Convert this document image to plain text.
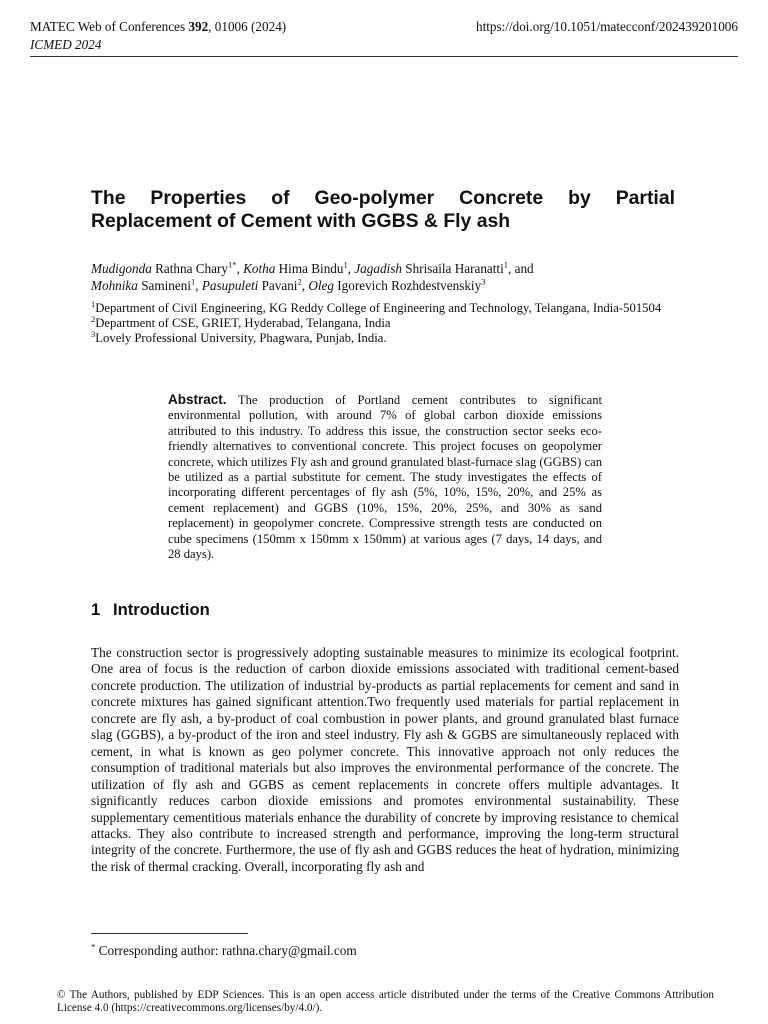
MATEC Web of Conferences 392, 01006 (2024)
ICMED 2024
https://doi.org/10.1051/matecconf/202439201006
The Properties of Geo-polymer Concrete by Partial Replacement of Cement with GGBS & Fly ash
Mudigonda Rathna Chary$^{1*}$, Kotha Hima Bindu$^1$, Jagadish Shrisaila Haranatti$^1$, and
Mohnika Samineni$^1$, Pasupuleti Pavani$^2$, Oleg Igorevich Rozhdestvenskiy$^3$
$^1$Department of Civil Engineering, KG Reddy College of Engineering and Technology, Telangana, India-501504
$^2$Department of CSE, GRIET, Hyderabad, Telangana, India
$^3$Lovely Professional University, Phagwara, Punjab, India.
Abstract. The production of Portland cement contributes to significant environmental pollution, with around 7% of global carbon dioxide emissions attributed to this industry. To address this issue, the construction sector seeks eco-friendly alternatives to conventional concrete. This project focuses on geopolymer concrete, which utilizes Fly ash and ground granulated blast-furnace slag (GGBS) can be utilized as a partial substitute for cement. The study investigates the effects of incorporating different percentages of fly ash (5%, 10%, 15%, 20%, and 25% as cement replacement) and GGBS (10%, 15%, 20%, 25%, and 30% as sand replacement) in geopolymer concrete. Compressive strength tests are conducted on cube specimens (150mm x 150mm x 150mm) at various ages (7 days, 14 days, and 28 days).
1 Introduction
The construction sector is progressively adopting sustainable measures to minimize its ecological footprint. One area of focus is the reduction of carbon dioxide emissions associated with traditional cement-based concrete production. The utilization of industrial by-products as partial replacements for cement and sand in concrete mixtures has gained significant attention.Two frequently used materials for partial replacement in concrete are fly ash, a by-product of coal combustion in power plants, and ground granulated blast furnace slag (GGBS), a by-product of the iron and steel industry. Fly ash & GGBS are simultaneously replaced with cement, in what is known as geo polymer concrete. This innovative approach not only reduces the consumption of traditional materials but also improves the environmental performance of the concrete. The utilization of fly ash and GGBS as cement replacements in concrete offers multiple advantages. It significantly reduces carbon dioxide emissions and promotes environmental sustainability. These supplementary cementitious materials enhance the durability of concrete by improving resistance to chemical attacks. They also contribute to increased strength and performance, improving the long-term structural integrity of the concrete. Furthermore, the use of fly ash and GGBS reduces the heat of hydration, minimizing the risk of thermal cracking. Overall, incorporating fly ash and
* Corresponding author: rathna.chary@gmail.com
© The Authors, published by EDP Sciences. This is an open access article distributed under the terms of the Creative Commons Attribution License 4.0 (https://creativecommons.org/licenses/by/4.0/).
